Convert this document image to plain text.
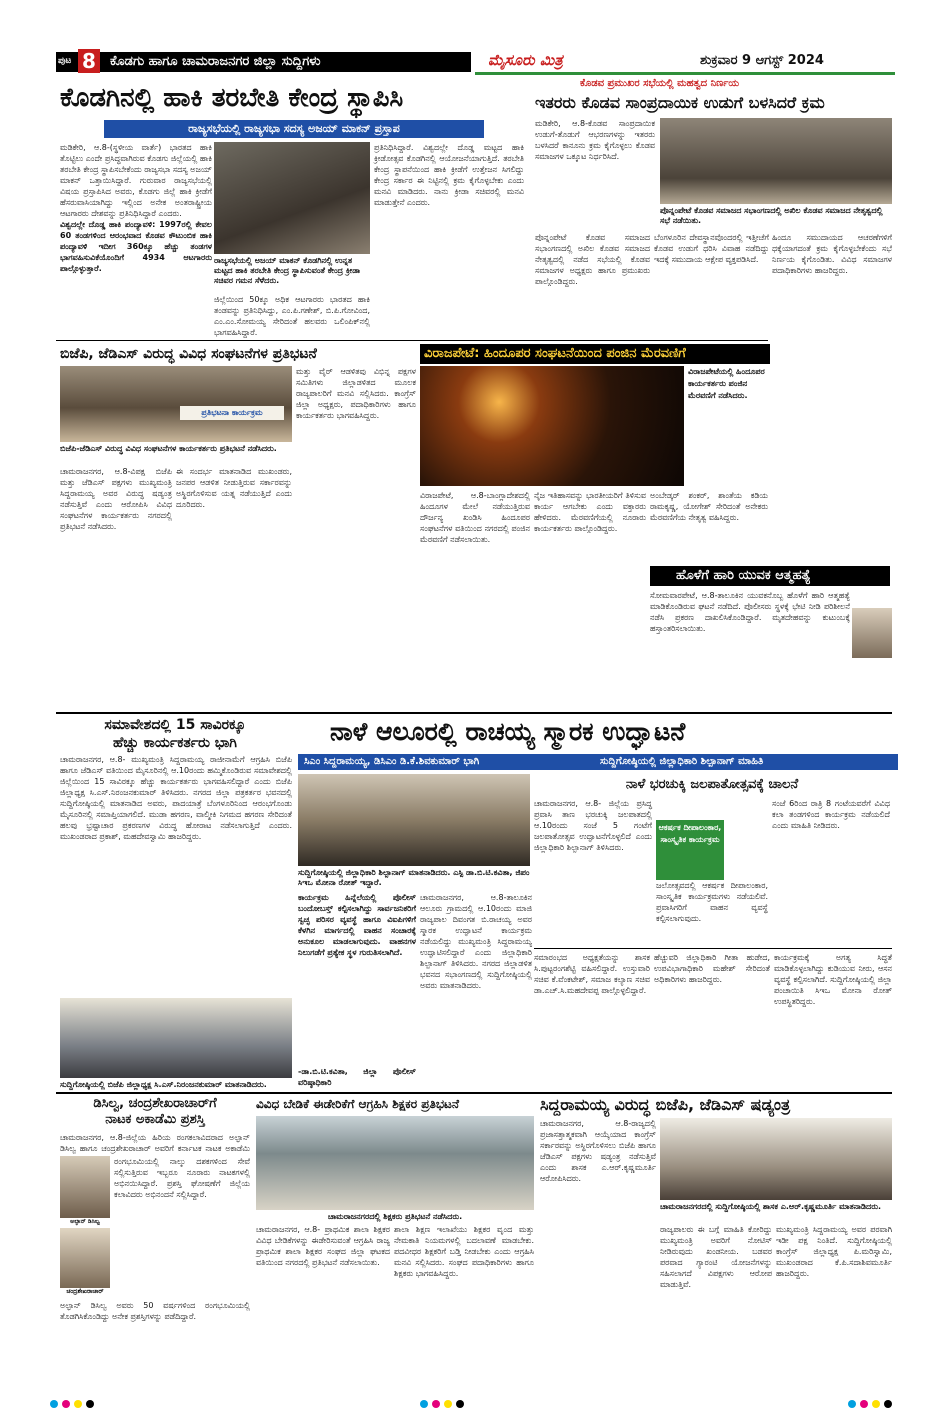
ಪುಟ 8	ಕೊಡಗು ಹಾಗೂ ಚಾಮರಾಜನಗರ ಜಿಲ್ಲಾ ಸುದ್ದಿಗಳು	ಮೈಸೂರು ಮಿತ್ರ	ಶುಕ್ರವಾರ 9 ಆಗಸ್ಟ್ 2024
ಕೊಡಗಿನಲ್ಲಿ ಹಾಕಿ ತರಬೇತಿ ಕೇಂದ್ರ ಸ್ಥಾಪಿಸಿ
ರಾಜ್ಯಸಭೆಯಲ್ಲಿ ರಾಜ್ಯಸಭಾ ಸದಸ್ಯ ಅಜಯ್ ಮಾಕನ್ ಪ್ರಸ್ತಾಪ

ಮಡಿಕೇರಿ, ಆ.8-(ಸ್ಥಳೀಯ ವಾರ್ತೆ) ಭಾರತದ ಹಾಕಿ ತೊಟ್ಟಿಲು ಎಂದೇ ಪ್ರಸಿದ್ಧವಾಗಿರುವ ಕೊಡಗು ಜಿಲ್ಲೆಯಲ್ಲಿ ಹಾಕಿ ತರಬೇತಿ ಕೇಂದ್ರ ಸ್ಥಾಪಿಸಬೇಕೆಂದು ರಾಜ್ಯಸಭಾ ಸದಸ್ಯ ಅಜಯ್ ಮಾಕನ್ ಒತ್ತಾಯಿಸಿದ್ದಾರೆ. ಗುರುವಾರ ರಾಜ್ಯಸಭೆಯಲ್ಲಿ ವಿಷಯ ಪ್ರಸ್ತಾಪಿಸಿದ ಅವರು, ಕೊಡಗು ಜಿಲ್ಲೆ ಹಾಕಿ ಕ್ರೀಡೆಗೆ ಹೆಸರುವಾಸಿಯಾಗಿದ್ದು ಇಲ್ಲಿಂದ ಅನೇಕ ಅಂತರಾಷ್ಟ್ರೀಯ ಆಟಗಾರರು ದೇಶವನ್ನು ಪ್ರತಿನಿಧಿಸಿದ್ದಾರೆ ಎಂದರು.

ವಿಶ್ವದಲ್ಲೇ ದೊಡ್ಡ ಹಾಕಿ ಪಂದ್ಯಾವಳಿ: 1997ರಲ್ಲಿ ಕೇವಲ 60 ತಂಡಗಳಿಂದ ಆರಂಭವಾದ ಕೊಡವ ಕೌಟುಂಬಿಕ ಹಾಕಿ ಪಂದ್ಯಾವಳಿ ಇದೀಗ 360ಕ್ಕೂ ಹೆಚ್ಚು ತಂಡಗಳ ಭಾಗವಹಿಸುವಿಕೆಯೊಂದಿಗೆ 4934 ಆಟಗಾರರು ಪಾಲ್ಗೊಳ್ಳುತ್ತಾರೆ.

ರಾಜ್ಯಸಭೆಯಲ್ಲಿ ಅಜಯ್ ಮಾಕನ್ ಕೊಡಗಿನಲ್ಲಿ ಉನ್ನತ ಮಟ್ಟದ ಹಾಕಿ ತರಬೇತಿ ಕೇಂದ್ರ ಸ್ಥಾಪಿಸುವಂತೆ ಕೇಂದ್ರ ಕ್ರೀಡಾ ಸಚಿವರ ಗಮನ ಸೆಳೆದರು.
ಜಿಲ್ಲೆಯಿಂದ 50ಕ್ಕೂ ಅಧಿಕ ಆಟಗಾರರು ಭಾರತದ ಹಾಕಿ ತಂಡವನ್ನು ಪ್ರತಿನಿಧಿಸಿದ್ದು, ಎಂ.ಪಿ.ಗಣೇಶ್, ಬಿ.ಪಿ.ಗೋವಿಂದ, ಎಂ.ಎಂ.ಸೋಮಯ್ಯ ಸೇರಿದಂತೆ ಹಲವರು ಒಲಿಂಪಿಕ್‌ನಲ್ಲಿ ಭಾಗವಹಿಸಿದ್ದಾರೆ.
ಪ್ರತಿನಿಧಿಸಿದ್ದಾರೆ. ವಿಶ್ವದಲ್ಲೇ ದೊಡ್ಡ ಮಟ್ಟದ ಹಾಕಿ ಕ್ರೀಡೋತ್ಸವ ಕೊಡಗಿನಲ್ಲಿ ಆಯೋಜನೆಯಾಗುತ್ತಿದೆ. ತರಬೇತಿ ಕೇಂದ್ರ ಸ್ಥಾಪನೆಯಿಂದ ಹಾಕಿ ಕ್ರೀಡೆಗೆ ಉತ್ತೇಜನ ಸಿಗಲಿದ್ದು ಕೇಂದ್ರ ಸರ್ಕಾರ ಈ ನಿಟ್ಟಿನಲ್ಲಿ ಕ್ರಮ ಕೈಗೊಳ್ಳಬೇಕು ಎಂದು ಮನವಿ ಮಾಡಿದರು. ನಾನು ಕ್ರೀಡಾ ಸಚಿವರಲ್ಲಿ ಮನವಿ ಮಾಡುತ್ತೇನೆ ಎಂದರು.
ಕೊಡವ ಪ್ರಮುಖರ ಸಭೆಯಲ್ಲಿ ಮಹತ್ವದ ನಿರ್ಣಯ
ಇತರರು ಕೊಡವ ಸಾಂಪ್ರದಾಯಿಕ ಉಡುಗೆ ಬಳಸಿದರೆ ಕ್ರಮ
ಮಡಿಕೇರಿ, ಆ.8-ಕೊಡವ ಸಾಂಪ್ರದಾಯಿಕ ಉಡುಗೆ-ತೊಡುಗೆ ಆಭರಣಗಳನ್ನು ಇತರರು ಬಳಸಿದರೆ ಕಾನೂನು ಕ್ರಮ ಕೈಗೊಳ್ಳಲು ಕೊಡವ ಸಮಾಜಗಳ ಒಕ್ಕೂಟ ನಿರ್ಧರಿಸಿದೆ.
ಪೊನ್ನಂಪೇಟೆ ಕೊಡವ ಸಮಾಜದ ಸಭಾಂಗಣದಲ್ಲಿ ಅಖಿಲ ಕೊಡವ ಸಮಾಜದ ನೇತೃತ್ವದಲ್ಲಿ ಸಭೆ ನಡೆಯಿತು.
ಪೊನ್ನಂಪೇಟೆ ಕೊಡವ ಸಮಾಜದ ಸಭಾಂಗಣದಲ್ಲಿ ಅಖಿಲ ಕೊಡವ ಸಮಾಜದ ನೇತೃತ್ವದಲ್ಲಿ ನಡೆದ ಸಭೆಯಲ್ಲಿ ಕೊಡವ ಸಮಾಜಗಳ ಅಧ್ಯಕ್ಷರು ಹಾಗೂ ಪ್ರಮುಖರು ಪಾಲ್ಗೊಂಡಿದ್ದರು.
ಬೆಂಗಳೂರಿನ ದೇವಸ್ಥಾನವೊಂದರಲ್ಲಿ ಇತ್ತೀಚೆಗೆ ಕೊಡವ ಉಡುಗೆ ಧರಿಸಿ ವಿವಾಹ ನಡೆದಿದ್ದು ಇದಕ್ಕೆ ಸಮುದಾಯ ಆಕ್ಷೇಪ ವ್ಯಕ್ತಪಡಿಸಿದೆ.
ಹಿಂದೂ ಸಮುದಾಯದ ಆಚರಣೆಗಳಿಗೆ ಧಕ್ಕೆಯಾಗದಂತೆ ಕ್ರಮ ಕೈಗೊಳ್ಳಬೇಕೆಂದು ಸಭೆ ನಿರ್ಣಯ ಕೈಗೊಂಡಿತು. ವಿವಿಧ ಸಮಾಜಗಳ ಪದಾಧಿಕಾರಿಗಳು ಹಾಜರಿದ್ದರು.
ಬಿಜೆಪಿ, ಜೆಡಿಎಸ್ ವಿರುದ್ಧ ವಿವಿಧ ಸಂಘಟನೆಗಳ ಪ್ರತಿಭಟನೆ
ಪ್ರತಿಭಟನಾ ಕಾರ್ಯಕ್ರಮ
ಬಿಜೆಪಿ-ಜೆಡಿಎಸ್ ವಿರುದ್ಧ ವಿವಿಧ ಸಂಘಟನೆಗಳ ಕಾರ್ಯಕರ್ತರು ಪ್ರತಿಭಟನೆ ನಡೆಸಿದರು.
ಚಾಮರಾಜನಗರ, ಆ.8-ವಿಪಕ್ಷ ಬಿಜೆಪಿ ಮತ್ತು ಜೆಡಿಎಸ್ ಪಕ್ಷಗಳು ಮುಖ್ಯಮಂತ್ರಿ ಸಿದ್ದರಾಮಯ್ಯ ಅವರ ವಿರುದ್ಧ ಷಡ್ಯಂತ್ರ ನಡೆಸುತ್ತಿವೆ ಎಂದು ಆರೋಪಿಸಿ ವಿವಿಧ ಸಂಘಟನೆಗಳ ಕಾರ್ಯಕರ್ತರು ನಗರದಲ್ಲಿ ಪ್ರತಿಭಟನೆ ನಡೆಸಿದರು.
ಈ ಸಂದರ್ಭ ಮಾತನಾಡಿದ ಮುಖಂಡರು, ಜನಪರ ಆಡಳಿತ ನೀಡುತ್ತಿರುವ ಸರ್ಕಾರವನ್ನು ಅಸ್ಥಿರಗೊಳಿಸುವ ಯತ್ನ ನಡೆಯುತ್ತಿದೆ ಎಂದು ದೂರಿದರು.
ಮತ್ತು ವೈರ್ ಆಡಳಿತವು ವಿಭಿನ್ನ ಪಕ್ಷಗಳ ಸಮಿತಿಗಳು ಜಿಲ್ಲಾಡಳಿತದ ಮೂಲಕ ರಾಜ್ಯಪಾಲರಿಗೆ ಮನವಿ ಸಲ್ಲಿಸಿದರು. ಕಾಂಗ್ರೆಸ್ ಜಿಲ್ಲಾ ಅಧ್ಯಕ್ಷರು, ಪದಾಧಿಕಾರಿಗಳು ಹಾಗೂ ಕಾರ್ಯಕರ್ತರು ಭಾಗವಹಿಸಿದ್ದರು.
ವಿರಾಜಪೇಟೆ: ಹಿಂದೂಪರ ಸಂಘಟನೆಯಿಂದ ಪಂಜಿನ ಮೆರವಣಿಗೆ
ವಿರಾಜಪೇಟೆಯಲ್ಲಿ ಹಿಂದೂಪರ ಕಾರ್ಯಕರ್ತರು ಪಂಜಿನ ಮೆರವಣಿಗೆ ನಡೆಸಿದರು.
ವಿರಾಜಪೇಟೆ, ಆ.8-ಬಾಂಗ್ಲಾದೇಶದಲ್ಲಿ ಹಿಂದೂಗಳ ಮೇಲೆ ನಡೆಯುತ್ತಿರುವ ದೌರ್ಜನ್ಯ ಖಂಡಿಸಿ ಹಿಂದೂಪರ ಸಂಘಟನೆಗಳ ವತಿಯಿಂದ ನಗರದಲ್ಲಿ ಪಂಜಿನ ಮೆರವಣಿಗೆ ನಡೆಸಲಾಯಿತು.
ನೈಜ ಇತಿಹಾಸವನ್ನು ಭಾರತೀಯರಿಗೆ ತಿಳಿಸುವ ಕಾರ್ಯ ಆಗಬೇಕು ಎಂದು ವಕ್ತಾರರು ಹೇಳಿದರು. ಮೆರವಣಿಗೆಯಲ್ಲಿ ನೂರಾರು ಕಾರ್ಯಕರ್ತರು ಪಾಲ್ಗೊಂಡಿದ್ದರು.
ಅಂಬೇಡ್ಕರ್ ಶಂಕರ್, ಶಾಂತೆಯ ಕಡಿಯ ರಾಮಕೃಷ್ಣ, ಯೋಗೇಶ್ ಸೇರಿದಂತೆ ಅನೇಕರು ಮೆರವಣಿಗೆಯ ನೇತೃತ್ವ ವಹಿಸಿದ್ದರು.
ಹೊಳೆಗೆ ಹಾರಿ ಯುವಕ ಆತ್ಮಹತ್ಯೆ
ಸೋಮವಾರಪೇಟೆ, ಆ.8-ತಾಲೂಕಿನ ಯುವಕನೊಬ್ಬ ಹೊಳೆಗೆ ಹಾರಿ ಆತ್ಮಹತ್ಯೆ ಮಾಡಿಕೊಂಡಿರುವ ಘಟನೆ ನಡೆದಿದೆ. ಪೊಲೀಸರು ಸ್ಥಳಕ್ಕೆ ಭೇಟಿ ನೀಡಿ ಪರಿಶೀಲನೆ ನಡೆಸಿ ಪ್ರಕರಣ ದಾಖಲಿಸಿಕೊಂಡಿದ್ದಾರೆ. ಮೃತದೇಹವನ್ನು ಕುಟುಂಬಕ್ಕೆ ಹಸ್ತಾಂತರಿಸಲಾಯಿತು.
ಸಮಾವೇಶದಲ್ಲಿ 15 ಸಾವಿರಕ್ಕೂ
ಹೆಚ್ಚು ಕಾರ್ಯಕರ್ತರು ಭಾಗಿ
ಚಾಮರಾಜನಗರ, ಆ.8- ಮುಖ್ಯಮಂತ್ರಿ ಸಿದ್ದರಾಮಯ್ಯ ರಾಜೀನಾಮೆಗೆ ಆಗ್ರಹಿಸಿ ಬಿಜೆಪಿ ಹಾಗೂ ಜೆಡಿಎಸ್ ವತಿಯಿಂದ ಮೈಸೂರಿನಲ್ಲಿ ಆ.10ರಂದು ಹಮ್ಮಿಕೊಂಡಿರುವ ಸಮಾವೇಶದಲ್ಲಿ ಜಿಲ್ಲೆಯಿಂದ 15 ಸಾವಿರಕ್ಕೂ ಹೆಚ್ಚು ಕಾರ್ಯಕರ್ತರು ಭಾಗವಹಿಸಲಿದ್ದಾರೆ ಎಂದು ಬಿಜೆಪಿ ಜಿಲ್ಲಾಧ್ಯಕ್ಷ ಸಿ.ಎಸ್.ನಿರಂಜನಕುಮಾರ್ ತಿಳಿಸಿದರು. ನಗರದ ಜಿಲ್ಲಾ ಪತ್ರಕರ್ತರ ಭವನದಲ್ಲಿ ಸುದ್ದಿಗೋಷ್ಠಿಯಲ್ಲಿ ಮಾತನಾಡಿದ ಅವರು, ಪಾದಯಾತ್ರೆ ಬೆಂಗಳೂರಿನಿಂದ ಆರಂಭಗೊಂಡು ಮೈಸೂರಿನಲ್ಲಿ ಸಮಾಪ್ತಿಯಾಗಲಿದೆ. ಮುಡಾ ಹಗರಣ, ವಾಲ್ಮೀಕಿ ನಿಗಮದ ಹಗರಣ ಸೇರಿದಂತೆ ಹಲವು ಭ್ರಷ್ಟಾಚಾರ ಪ್ರಕರಣಗಳ ವಿರುದ್ಧ ಹೋರಾಟ ನಡೆಸಲಾಗುತ್ತಿದೆ ಎಂದರು. ಮುಖಂಡರಾದ ಪ್ರಕಾಶ್, ಮಹದೇವಸ್ವಾಮಿ ಹಾಜರಿದ್ದರು.
ಸುದ್ದಿಗೋಷ್ಠಿಯಲ್ಲಿ ಬಿಜೆಪಿ ಜಿಲ್ಲಾಧ್ಯಕ್ಷ ಸಿ.ಎಸ್.ನಿರಂಜನಕುಮಾರ್ ಮಾತನಾಡಿದರು.
ನಾಳೆ ಆಲೂರಲ್ಲಿ ರಾಚಯ್ಯ ಸ್ಮಾರಕ ಉದ್ಘಾಟನೆ
ಸಿಎಂ ಸಿದ್ದರಾಮಯ್ಯ, ಡಿಸಿಎಂ ಡಿ.ಕೆ.ಶಿವಕುಮಾರ್ ಭಾಗಿ	ಸುದ್ದಿಗೋಷ್ಠಿಯಲ್ಲಿ ಜಿಲ್ಲಾಧಿಕಾರಿ ಶಿಲ್ಪಾನಾಗ್ ಮಾಹಿತಿ
ಸುದ್ದಿಗೋಷ್ಠಿಯಲ್ಲಿ ಜಿಲ್ಲಾಧಿಕಾರಿ ಶಿಲ್ಪಾನಾಗ್ ಮಾತನಾಡಿದರು. ಎಸ್ಪಿ ಡಾ.ಬಿ.ಟಿ.ಕವಿತಾ, ಜಿಪಂ ಸಿಇಒ ಮೋನಾ ರೋತ್ ಇದ್ದಾರೆ.
ಕಾರ್ಯಕ್ರಮ ಹಿನ್ನೆಲೆಯಲ್ಲಿ ಪೊಲೀಸ್ ಬಂದೋಬಸ್ತ್ ಕಲ್ಪಿಸಲಾಗಿದ್ದು ಸಾರ್ವಜನಿಕರಿಗೆ ಸ್ವಚ್ಛ ಪರಿಸರ ವ್ಯವಸ್ಥೆ ಹಾಗೂ ವಿಐಪಿಗಳಿಗೆ ಕೆಳಗಿನ ಮಾರ್ಗದಲ್ಲಿ ವಾಹನ ಸಂಚಾರಕ್ಕೆ ಅನುಕೂಲ ಮಾಡಲಾಗುವುದು. ವಾಹನಗಳ ನಿಲುಗಡೆಗೆ ಪ್ರತ್ಯೇಕ ಸ್ಥಳ ಗುರುತಿಸಲಾಗಿದೆ.
-ಡಾ.ಬಿ.ಟಿ.ಕವಿತಾ, ಜಿಲ್ಲಾ ಪೊಲೀಸ್ ವರಿಷ್ಠಾಧಿಕಾರಿ
ಚಾಮರಾಜನಗರ, ಆ.8-ತಾಲೂಕಿನ ಆಲೂರು ಗ್ರಾಮದಲ್ಲಿ ಆ.10ರಂದು ಮಾಜಿ ರಾಜ್ಯಪಾಲ ದಿವಂಗತ ಬಿ.ರಾಚಯ್ಯ ಅವರ ಸ್ಮಾರಕ ಉದ್ಘಾಟನೆ ಕಾರ್ಯಕ್ರಮ ನಡೆಯಲಿದ್ದು ಮುಖ್ಯಮಂತ್ರಿ ಸಿದ್ದರಾಮಯ್ಯ ಉದ್ಘಾಟಿಸಲಿದ್ದಾರೆ ಎಂದು ಜಿಲ್ಲಾಧಿಕಾರಿ ಶಿಲ್ಪಾನಾಗ್ ತಿಳಿಸಿದರು. ನಗರದ ಜಿಲ್ಲಾಡಳಿತ ಭವನದ ಸಭಾಂಗಣದಲ್ಲಿ ಸುದ್ದಿಗೋಷ್ಠಿಯಲ್ಲಿ ಅವರು ಮಾತನಾಡಿದರು.
ನಾಳೆ ಭರಚುಕ್ಕಿ ಜಲಪಾತೋತ್ಸವಕ್ಕೆ ಚಾಲನೆ
ಚಾಮರಾಜನಗರ, ಆ.8- ಜಿಲ್ಲೆಯ ಪ್ರಸಿದ್ಧ ಪ್ರವಾಸಿ ತಾಣ ಭರಚುಕ್ಕಿ ಜಲಪಾತದಲ್ಲಿ ಆ.10ರಂದು ಸಂಜೆ 5 ಗಂಟೆಗೆ ಜಲಪಾತೋತ್ಸವ ಉದ್ಘಾಟನೆಗೊಳ್ಳಲಿದೆ ಎಂದು ಜಿಲ್ಲಾಧಿಕಾರಿ ಶಿಲ್ಪಾನಾಗ್ ತಿಳಿಸಿದರು.
ಆಕರ್ಷಕ ದೀಪಾಲಂಕಾರ, ಸಾಂಸ್ಕೃತಿಕ ಕಾರ್ಯಕ್ರಮ
ಜಲೋತ್ಸವದಲ್ಲಿ ಆಕರ್ಷಕ ದೀಪಾಲಂಕಾರ, ಸಾಂಸ್ಕೃತಿಕ ಕಾರ್ಯಕ್ರಮಗಳು ನಡೆಯಲಿವೆ. ಪ್ರವಾಸಿಗರಿಗೆ ವಾಹನ ವ್ಯವಸ್ಥೆ ಕಲ್ಪಿಸಲಾಗುವುದು.
ಸಂಜೆ 6ರಿಂದ ರಾತ್ರಿ 8 ಗಂಟೆಯವರೆಗೆ ವಿವಿಧ ಕಲಾ ತಂಡಗಳಿಂದ ಕಾರ್ಯಕ್ರಮ ನಡೆಯಲಿದೆ ಎಂದು ಮಾಹಿತಿ ನೀಡಿದರು.
ಸಮಾರಂಭದ ಅಧ್ಯಕ್ಷತೆಯನ್ನು ಶಾಸಕ ಸಿ.ಪುಟ್ಟರಂಗಶೆಟ್ಟಿ ವಹಿಸಲಿದ್ದಾರೆ. ಉಸ್ತುವಾರಿ ಸಚಿವ ಕೆ.ವೆಂಕಟೇಶ್, ಸಮಾಜ ಕಲ್ಯಾಣ ಸಚಿವ ಡಾ.ಎಚ್.ಸಿ.ಮಹದೇವಪ್ಪ ಪಾಲ್ಗೊಳ್ಳಲಿದ್ದಾರೆ.
ಹೆಚ್ಚುವರಿ ಜಿಲ್ಲಾಧಿಕಾರಿ ಗೀತಾ ಹುಡೇದ, ಉಪವಿಭಾಗಾಧಿಕಾರಿ ಮಹೇಶ್ ಸೇರಿದಂತೆ ಅಧಿಕಾರಿಗಳು ಹಾಜರಿದ್ದರು.
ಕಾರ್ಯಕ್ರಮಕ್ಕೆ ಅಗತ್ಯ ಸಿದ್ಧತೆ ಮಾಡಿಕೊಳ್ಳಲಾಗಿದ್ದು ಕುಡಿಯುವ ನೀರು, ಆಸನ ವ್ಯವಸ್ಥೆ ಕಲ್ಪಿಸಲಾಗಿದೆ. ಸುದ್ದಿಗೋಷ್ಠಿಯಲ್ಲಿ ಜಿಲ್ಲಾ ಪಂಚಾಯಿತಿ ಸಿಇಒ ಮೋನಾ ರೋತ್ ಉಪಸ್ಥಿತರಿದ್ದರು.
ಡಿಸಿಲ್ವ, ಚಂದ್ರಶೇಖರಾಚಾರ್‌ಗೆ
ನಾಟಕ ಅಕಾಡೆಮಿ ಪ್ರಶಸ್ತಿ
ಚಾಮರಾಜನಗರ, ಆ.8-ಜಿಲ್ಲೆಯ ಹಿರಿಯ ರಂಗಕಲಾವಿದರಾದ ಅಲ್ಫಾನ್ ಡಿಸಿಲ್ವ ಹಾಗೂ ಚಂದ್ರಶೇಖರಾಚಾರ್ ಅವರಿಗೆ ಕರ್ನಾಟಕ ನಾಟಕ ಅಕಾಡೆಮಿ
ಅಲ್ಫಾನ್ ಡಿಸಿಲ್ವ
ಚಂದ್ರಶೇಖರಾಚಾರ್
ರಂಗಭೂಮಿಯಲ್ಲಿ ನಾಲ್ಕು ದಶಕಗಳಿಂದ ಸೇವೆ ಸಲ್ಲಿಸುತ್ತಿರುವ ಇಬ್ಬರೂ ನೂರಾರು ನಾಟಕಗಳಲ್ಲಿ ಅಭಿನಯಿಸಿದ್ದಾರೆ. ಪ್ರಶಸ್ತಿ ಘೋಷಣೆಗೆ ಜಿಲ್ಲೆಯ ಕಲಾವಿದರು ಅಭಿನಂದನೆ ಸಲ್ಲಿಸಿದ್ದಾರೆ.
ಅಲ್ಫಾನ್ ಡಿಸಿಲ್ವ ಅವರು 50 ವರ್ಷಗಳಿಂದ ರಂಗಭೂಮಿಯಲ್ಲಿ ತೊಡಗಿಸಿಕೊಂಡಿದ್ದು ಅನೇಕ ಪ್ರಶಸ್ತಿಗಳನ್ನು ಪಡೆದಿದ್ದಾರೆ.
ವಿವಿಧ ಬೇಡಿಕೆ ಈಡೇರಿಕೆಗೆ ಆಗ್ರಹಿಸಿ ಶಿಕ್ಷಕರ ಪ್ರತಿಭಟನೆ
ಚಾಮರಾಜನಗರದಲ್ಲಿ ಶಿಕ್ಷಕರು ಪ್ರತಿಭಟನೆ ನಡೆಸಿದರು.
ಚಾಮರಾಜನಗರ, ಆ.8- ಪ್ರಾಥಮಿಕ ಶಾಲಾ ಶಿಕ್ಷಕರ ವಿವಿಧ ಬೇಡಿಕೆಗಳನ್ನು ಈಡೇರಿಸುವಂತೆ ಆಗ್ರಹಿಸಿ ರಾಜ್ಯ ಪ್ರಾಥಮಿಕ ಶಾಲಾ ಶಿಕ್ಷಕರ ಸಂಘದ ಜಿಲ್ಲಾ ಘಟಕದ ವತಿಯಿಂದ ನಗರದಲ್ಲಿ ಪ್ರತಿಭಟನೆ ನಡೆಸಲಾಯಿತು.
ಶಾಲಾ ಶಿಕ್ಷಣ ಇಲಾಖೆಯು ಶಿಕ್ಷಕರ ವೃಂದ ಮತ್ತು ನೇಮಕಾತಿ ನಿಯಮಗಳಲ್ಲಿ ಬದಲಾವಣೆ ಮಾಡಬೇಕು. ಪದವೀಧರ ಶಿಕ್ಷಕರಿಗೆ ಬಡ್ತಿ ನೀಡಬೇಕು ಎಂದು ಆಗ್ರಹಿಸಿ ಮನವಿ ಸಲ್ಲಿಸಿದರು. ಸಂಘದ ಪದಾಧಿಕಾರಿಗಳು ಹಾಗೂ ಶಿಕ್ಷಕರು ಭಾಗವಹಿಸಿದ್ದರು.
ಸಿದ್ದರಾಮಯ್ಯ ವಿರುದ್ಧ ಬಿಜೆಪಿ, ಜೆಡಿಎಸ್ ಷಡ್ಯಂತ್ರ
ಚಾಮರಾಜನಗರ, ಆ.8-ರಾಜ್ಯದಲ್ಲಿ ಪ್ರಜಾಸತ್ತಾತ್ಮಕವಾಗಿ ಆಯ್ಕೆಯಾದ ಕಾಂಗ್ರೆಸ್ ಸರ್ಕಾರವನ್ನು ಅಸ್ಥಿರಗೊಳಿಸಲು ಬಿಜೆಪಿ ಹಾಗೂ ಜೆಡಿಎಸ್ ಪಕ್ಷಗಳು ಷಡ್ಯಂತ್ರ ನಡೆಸುತ್ತಿವೆ ಎಂದು ಶಾಸಕ ಎ.ಆರ್.ಕೃಷ್ಣಮೂರ್ತಿ ಆರೋಪಿಸಿದರು.
ಚಾಮರಾಜನಗರದಲ್ಲಿ ಸುದ್ದಿಗೋಷ್ಠಿಯಲ್ಲಿ ಶಾಸಕ ಎ.ಆರ್.ಕೃಷ್ಣಮೂರ್ತಿ ಮಾತನಾಡಿದರು.
ರಾಜ್ಯಪಾಲರು ಈ ಬಗ್ಗೆ ಮಾಹಿತಿ ಕೋರಿದ್ದು ಮುಖ್ಯಮಂತ್ರಿ ಅವರಿಗೆ ನೋಟಿಸ್ ನೀಡಿರುವುದು ಖಂಡನೀಯ. ಬಡವರ ಪರವಾದ ಗ್ಯಾರಂಟಿ ಯೋಜನೆಗಳನ್ನು ಸಹಿಸಲಾಗದೆ ವಿಪಕ್ಷಗಳು ಆರೋಪ ಮಾಡುತ್ತಿವೆ.
ಮುಖ್ಯಮಂತ್ರಿ ಸಿದ್ದರಾಮಯ್ಯ ಅವರ ಪರವಾಗಿ ಇಡೀ ಪಕ್ಷ ನಿಂತಿದೆ. ಸುದ್ದಿಗೋಷ್ಠಿಯಲ್ಲಿ ಕಾಂಗ್ರೆಸ್ ಜಿಲ್ಲಾಧ್ಯಕ್ಷ ಪಿ.ಮರಿಸ್ವಾಮಿ, ಮುಖಂಡರಾದ ಕೆ.ಪಿ.ಸದಾಶಿವಮೂರ್ತಿ ಹಾಜರಿದ್ದರು.
